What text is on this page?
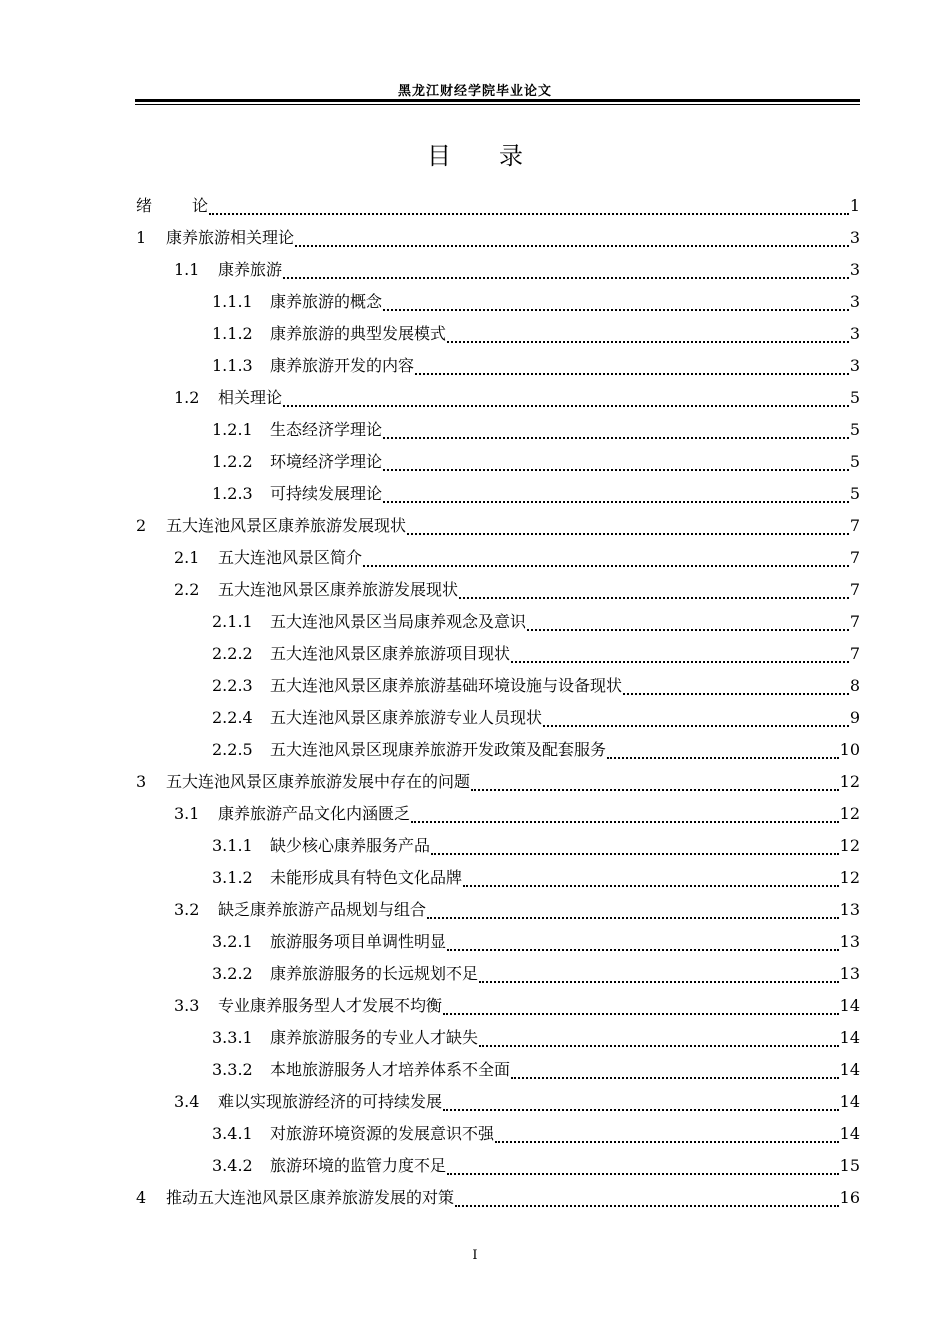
黑龙江财经学院毕业论文
目 录
绪	论	1
1	康养旅游相关理论	3
1.1	康养旅游	3
1.1.1	康养旅游的概念	3
1.1.2	康养旅游的典型发展模式	3
1.1.3	康养旅游开发的内容	3
1.2	相关理论	5
1.2.1	生态经济学理论	5
1.2.2	环境经济学理论	5
1.2.3	可持续发展理论	5
2	五大连池风景区康养旅游发展现状	7
2.1	五大连池风景区简介	7
2.2	五大连池风景区康养旅游发展现状	7
2.1.1	五大连池风景区当局康养观念及意识	7
2.2.2	五大连池风景区康养旅游项目现状	7
2.2.3	五大连池风景区康养旅游基础环境设施与设备现状	8
2.2.4	五大连池风景区康养旅游专业人员现状	9
2.2.5	五大连池风景区现康养旅游开发政策及配套服务	10
3	五大连池风景区康养旅游发展中存在的问题	12
3.1	康养旅游产品文化内涵匮乏	12
3.1.1	缺少核心康养服务产品	12
3.1.2	未能形成具有特色文化品牌	12
3.2	缺乏康养旅游产品规划与组合	13
3.2.1	旅游服务项目单调性明显	13
3.2.2	康养旅游服务的长远规划不足	13
3.3	专业康养服务型人才发展不均衡	14
3.3.1	康养旅游服务的专业人才缺失	14
3.3.2	本地旅游服务人才培养体系不全面	14
3.4	难以实现旅游经济的可持续发展	14
3.4.1	对旅游环境资源的发展意识不强	14
3.4.2	旅游环境的监管力度不足	15
4	推动五大连池风景区康养旅游发展的对策	16
I
